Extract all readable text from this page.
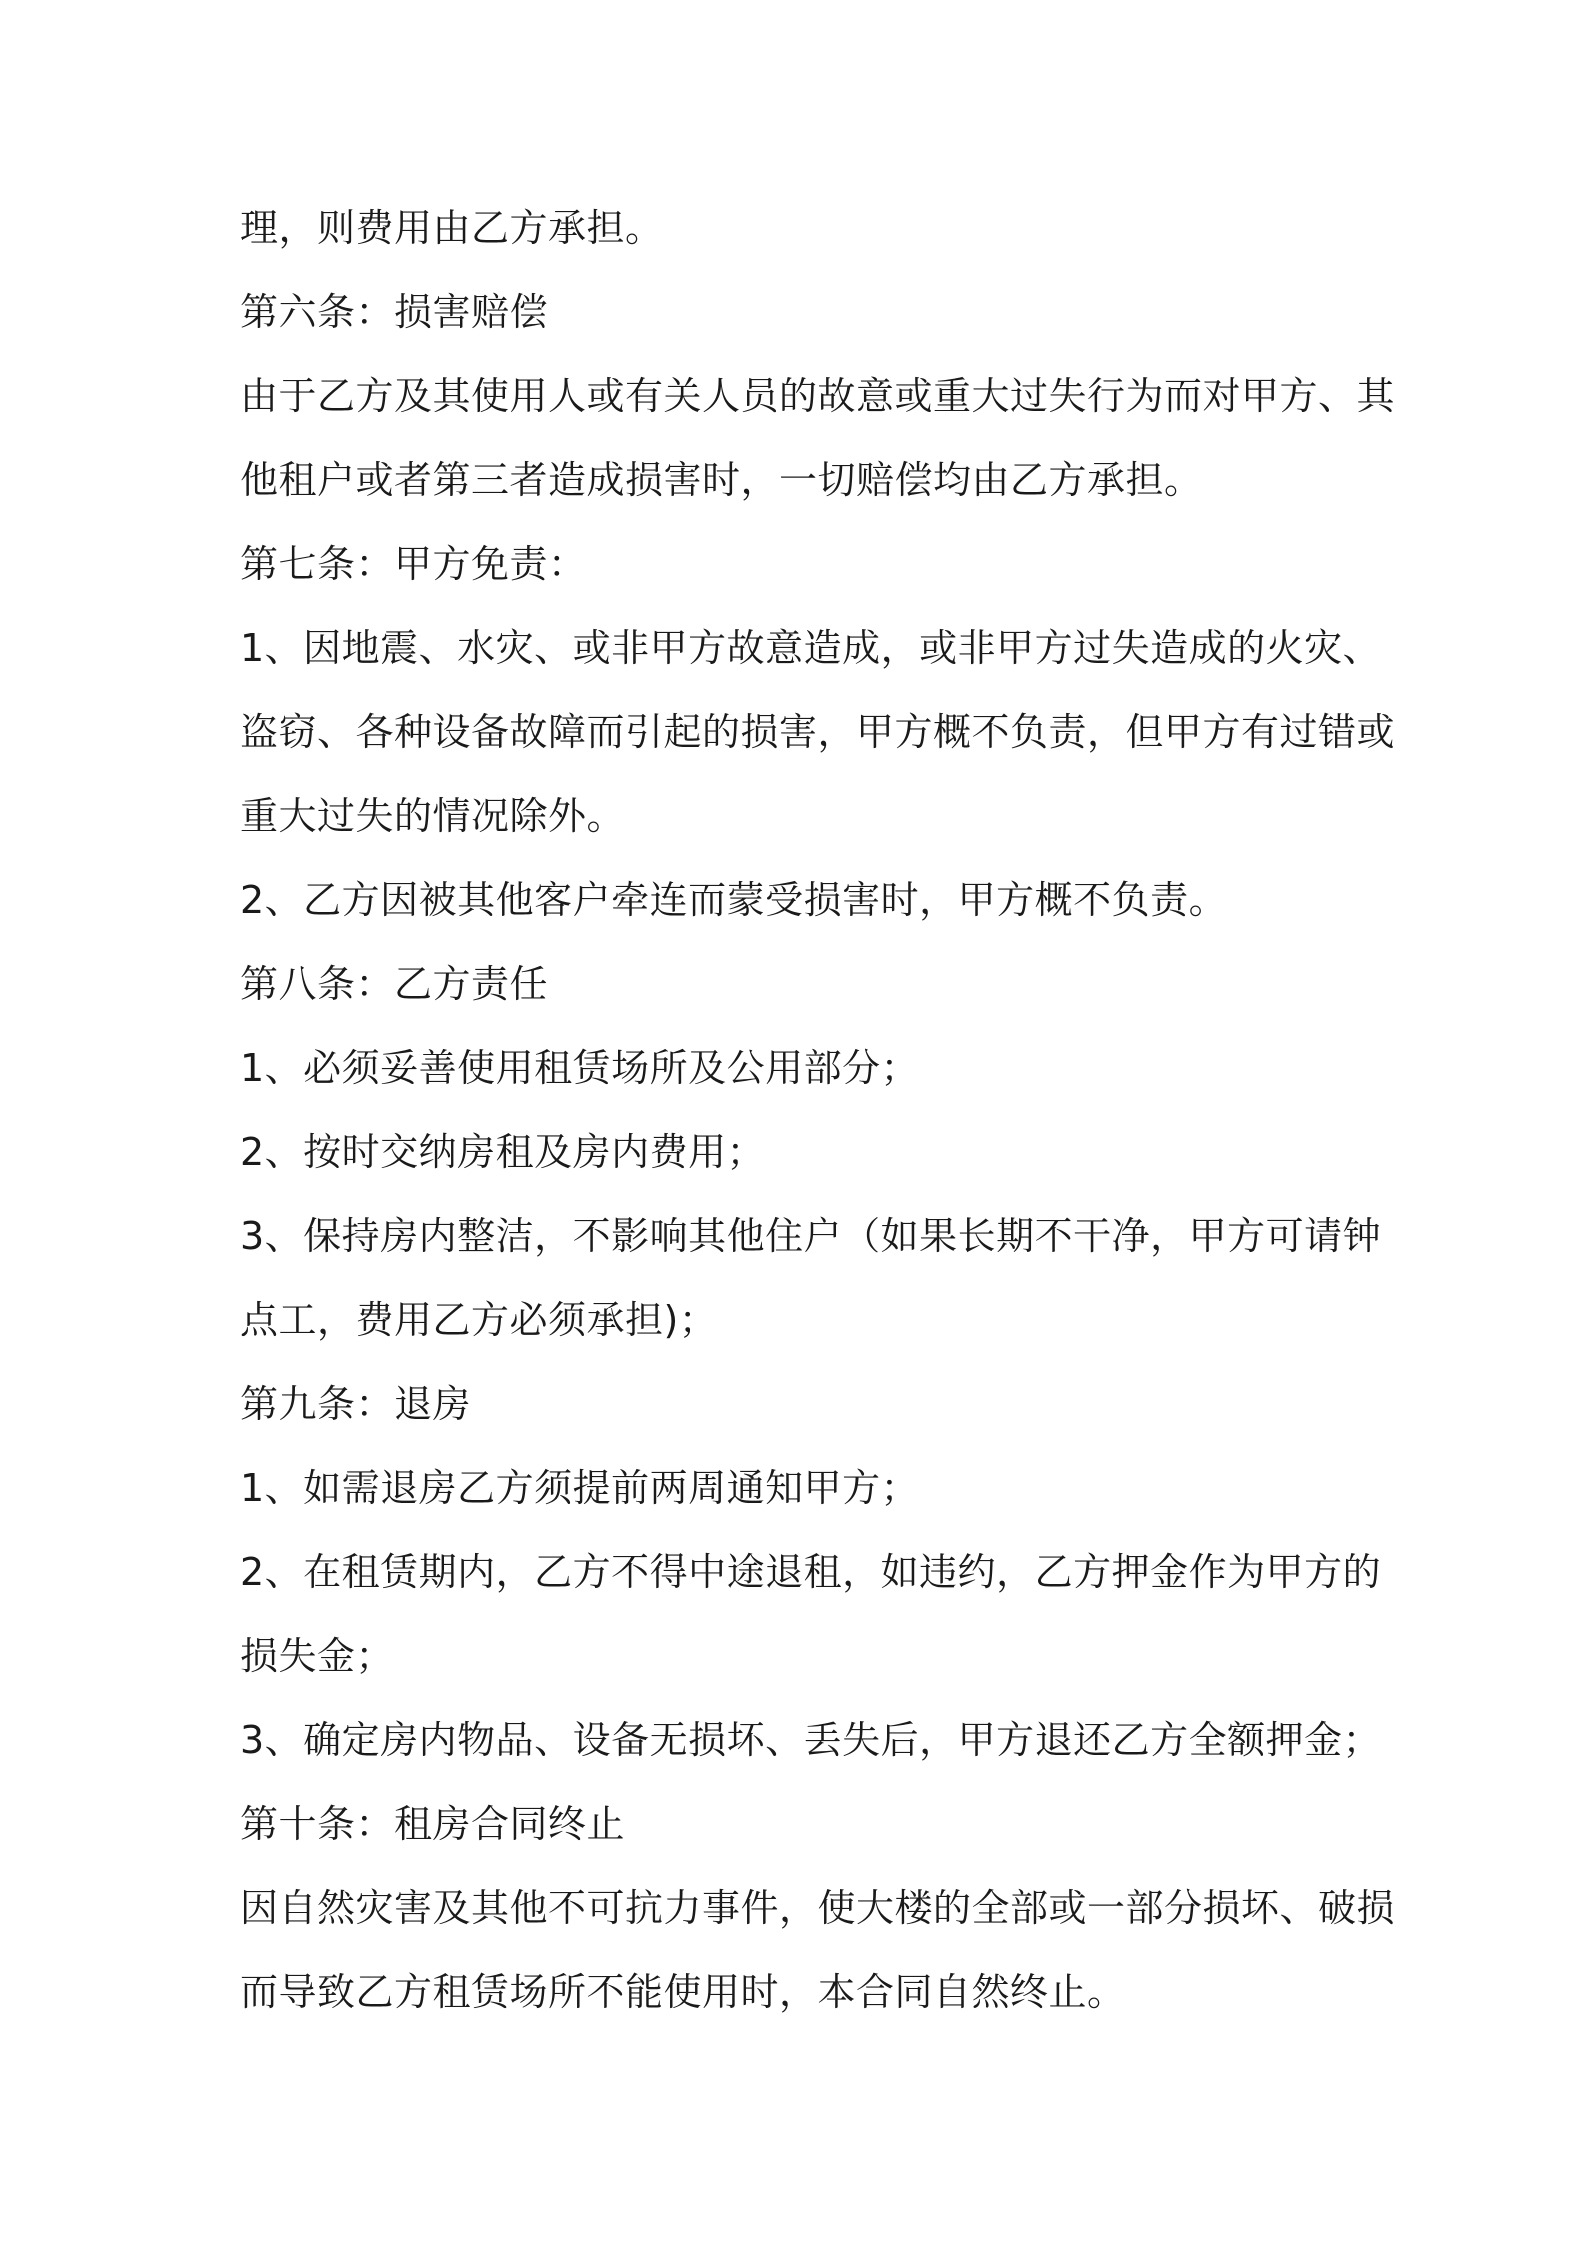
理，则费用由乙方承担。
第六条：损害赔偿
由于乙方及其使用人或有关人员的故意或重大过失行为而对甲方、其
他租户或者第三者造成损害时，一切赔偿均由乙方承担。
第七条：甲方免责：
1、因地震、水灾、或非甲方故意造成，或非甲方过失造成的火灾、
盗窃、各种设备故障而引起的损害，甲方概不负责，但甲方有过错或
重大过失的情况除外。
2、乙方因被其他客户牵连而蒙受损害时，甲方概不负责。
第八条：乙方责任
1、必须妥善使用租赁场所及公用部分；
2、按时交纳房租及房内费用；
3、保持房内整洁，不影响其他住户（如果长期不干净，甲方可请钟
点工，费用乙方必须承担)；
第九条：退房
1、如需退房乙方须提前两周通知甲方；
2、在租赁期内，乙方不得中途退租，如违约，乙方押金作为甲方的
损失金；
3、确定房内物品、设备无损坏、丢失后，甲方退还乙方全额押金；
第十条：租房合同终止
因自然灾害及其他不可抗力事件，使大楼的全部或一部分损坏、破损
而导致乙方租赁场所不能使用时，本合同自然终止。
